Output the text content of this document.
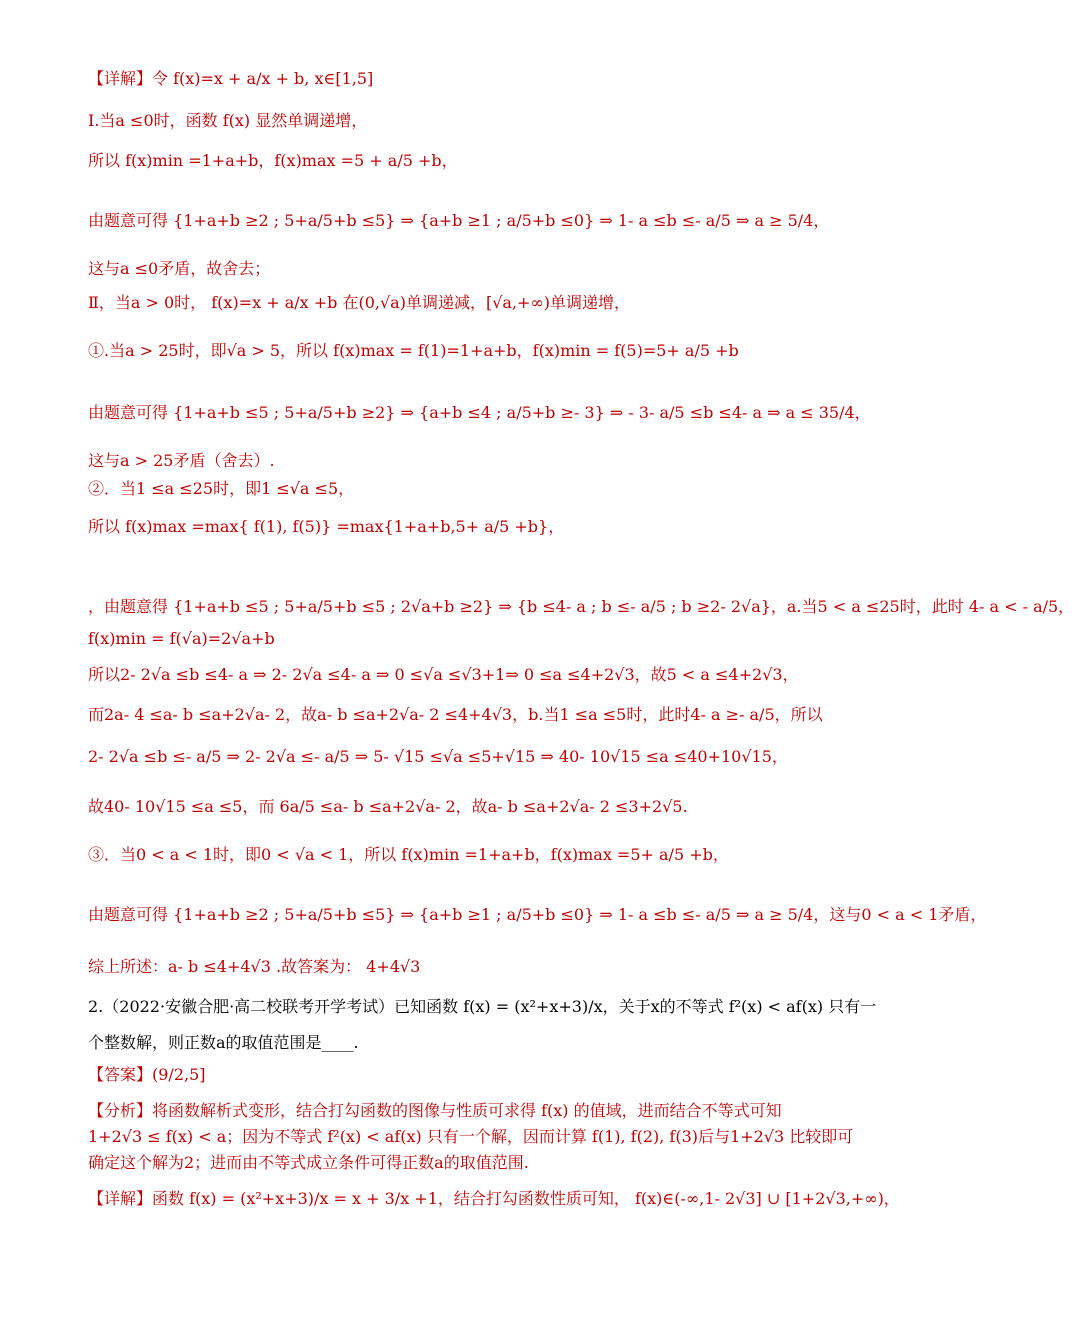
【详解】令 f(x)=x + a/x + b, x∈[1,5]
Ⅰ.当a ≤0时，函数 f(x) 显然单调递增，
所以 f(x)min =1+a+b，f(x)max =5 + a/5 +b，
由题意可得 {1+a+b ≥2 ; 5+a/5+b ≤5} ⇒ {a+b ≥1 ; a/5+b ≤0} ⇒ 1- a ≤b ≤- a/5 ⇒ a ≥ 5/4，
这与a ≤0矛盾，故舍去；
Ⅱ，当a > 0时， f(x)=x + a/x +b 在(0,√a)单调递减，[√a,+∞)单调递增，
①.当a > 25时，即√a > 5，所以 f(x)max = f(1)=1+a+b，f(x)min = f(5)=5+ a/5 +b
由题意可得 {1+a+b ≤5 ; 5+a/5+b ≥2} ⇒ {a+b ≤4 ; a/5+b ≥- 3} ⇒ - 3- a/5 ≤b ≤4- a ⇒ a ≤ 35/4，
这与a > 25矛盾（舍去）.
②．当1 ≤a ≤25时，即1 ≤√a ≤5，
所以 f(x)max =max{ f(1), f(5)} =max{1+a+b,5+ a/5 +b}，
，由题意得 {1+a+b ≤5 ; 5+a/5+b ≤5 ; 2√a+b ≥2} ⇒ {b ≤4- a ; b ≤- a/5 ; b ≥2- 2√a}，a.当5 < a ≤25时，此时 4- a < - a/5，
f(x)min = f(√a)=2√a+b
所以2- 2√a ≤b ≤4- a ⇒ 2- 2√a ≤4- a ⇒ 0 ≤√a ≤√3+1⇒ 0 ≤a ≤4+2√3，故5 < a ≤4+2√3，
而2a- 4 ≤a- b ≤a+2√a- 2，故a- b ≤a+2√a- 2 ≤4+4√3，b.当1 ≤a ≤5时，此时4- a ≥- a/5，所以
2- 2√a ≤b ≤- a/5 ⇒ 2- 2√a ≤- a/5 ⇒ 5- √15 ≤√a ≤5+√15 ⇒ 40- 10√15 ≤a ≤40+10√15，
故40- 10√15 ≤a ≤5，而 6a/5 ≤a- b ≤a+2√a- 2，故a- b ≤a+2√a- 2 ≤3+2√5.
③．当0 < a < 1时，即0 < √a < 1，所以 f(x)min =1+a+b，f(x)max =5+ a/5 +b，
由题意可得 {1+a+b ≥2 ; 5+a/5+b ≤5} ⇒ {a+b ≥1 ; a/5+b ≤0} ⇒ 1- a ≤b ≤- a/5 ⇒ a ≥ 5/4，这与0 < a < 1矛盾，
综上所述：a- b ≤4+4√3 .故答案为： 4+4√3
2.（2022·安徽合肥·高二校联考开学考试）已知函数 f(x) = (x²+x+3)/x，关于x的不等式 f²(x) < af(x) 只有一
个整数解，则正数a的取值范围是____.
【答案】(9/2,5]
【分析】将函数解析式变形，结合打勾函数的图像与性质可求得 f(x) 的值域，进而结合不等式可知
1+2√3 ≤ f(x) < a；因为不等式 f²(x) < af(x) 只有一个解，因而计算 f(1), f(2), f(3)后与1+2√3 比较即可
确定这个解为2；进而由不等式成立条件可得正数a的取值范围.
【详解】函数 f(x) = (x²+x+3)/x = x + 3/x +1，结合打勾函数性质可知， f(x)∈(-∞,1- 2√3] ∪ [1+2√3,+∞)，
